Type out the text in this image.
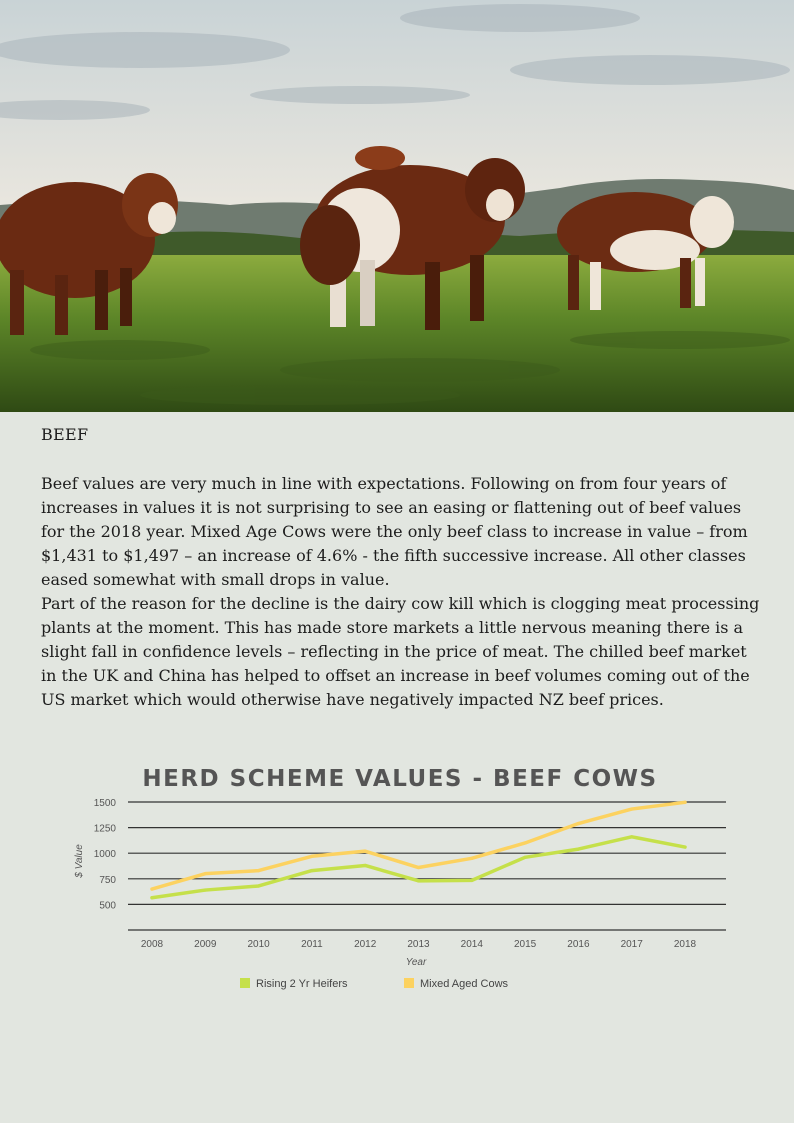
BEEF

Beef values are very much in line with expectations. Following on from four years of increases in values it is not surprising to see an easing or flattening out of beef values for the 2018 year. Mixed Age Cows were the only beef class to increase in value – from $1,431 to $1,497 – an increase of 4.6% - the fifth successive increase. All other classes eased somewhat with small drops in value.

Part of the reason for the decline is the dairy cow kill which is clogging meat processing plants at the moment. This has made store markets a little nervous meaning there is a slight fall in confidence levels – reflecting in the price of meat. The chilled beef market in the UK and China has helped to offset an increase in beef volumes coming out of the US market which would otherwise have negatively impacted NZ beef prices.

HERD SCHEME VALUES - BEEF COWS
1500
1250
1000
750
500
2008	2009	2010	2011	2012	2013	2014	2015	2016	2017	2018
$ Value
Year
Rising 2 Yr Heifers	Mixed Aged Cows
